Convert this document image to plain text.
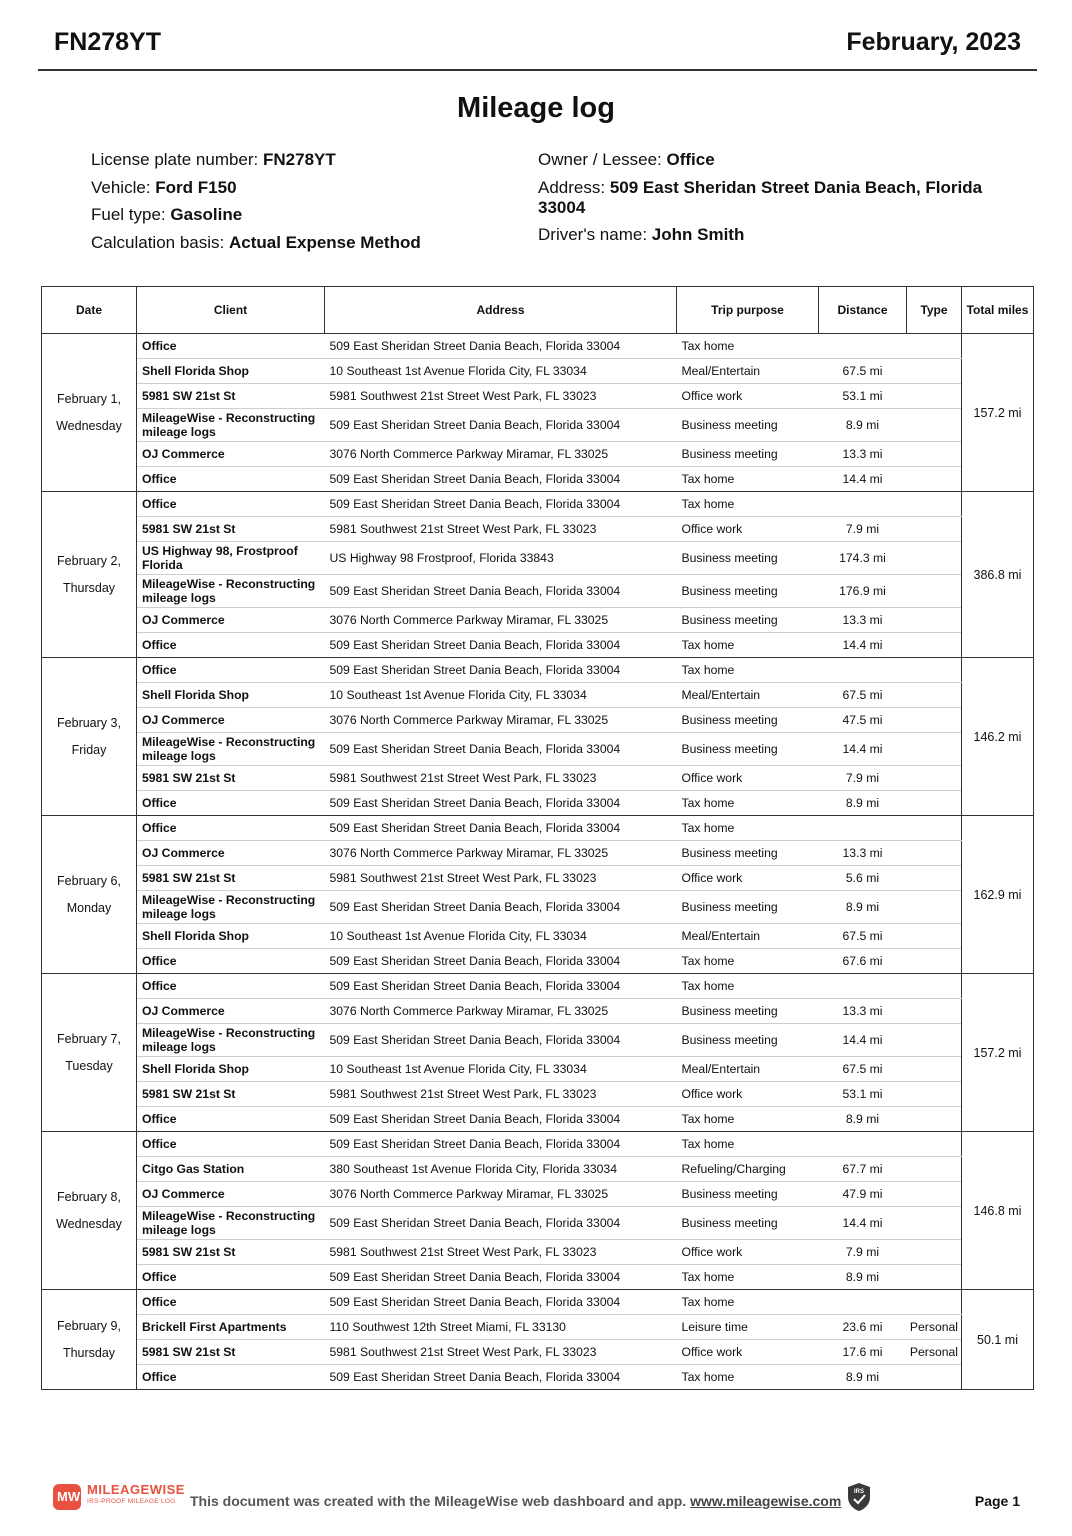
FN278YT	February, 2023
Mileage log
License plate number: FN278YT
Vehicle: Ford F150
Fuel type: Gasoline
Calculation basis: Actual Expense Method
Owner / Lessee: Office
Address: 509 East Sheridan Street Dania Beach, Florida 33004
Driver's name: John Smith
Date	Client	Address	Trip purpose	Distance	Type	Total miles

February 1,
Wednesday	Office	509 East Sheridan Street Dania Beach, Florida 33004	Tax home			157.2 mi
	Shell Florida Shop	10 Southeast 1st Avenue Florida City, FL 33034	Meal/Entertain	67.5 mi		
	5981 SW 21st St	5981 Southwest 21st Street West Park, FL 33023	Office work	53.1 mi		
	MileageWise - Reconstructing mileage logs	509 East Sheridan Street Dania Beach, Florida 33004	Business meeting	8.9 mi		
	OJ Commerce	3076 North Commerce Parkway Miramar, FL 33025	Business meeting	13.3 mi		
	Office	509 East Sheridan Street Dania Beach, Florida 33004	Tax home	14.4 mi		

February 2,
Thursday	Office	509 East Sheridan Street Dania Beach, Florida 33004	Tax home			386.8 mi
	5981 SW 21st St	5981 Southwest 21st Street West Park, FL 33023	Office work	7.9 mi		
	US Highway 98, Frostproof Florida	US Highway 98 Frostproof, Florida 33843	Business meeting	174.3 mi		
	MileageWise - Reconstructing mileage logs	509 East Sheridan Street Dania Beach, Florida 33004	Business meeting	176.9 mi		
	OJ Commerce	3076 North Commerce Parkway Miramar, FL 33025	Business meeting	13.3 mi		
	Office	509 East Sheridan Street Dania Beach, Florida 33004	Tax home	14.4 mi		

February 3,
Friday	Office	509 East Sheridan Street Dania Beach, Florida 33004	Tax home			146.2 mi
	Shell Florida Shop	10 Southeast 1st Avenue Florida City, FL 33034	Meal/Entertain	67.5 mi		
	OJ Commerce	3076 North Commerce Parkway Miramar, FL 33025	Business meeting	47.5 mi		
	MileageWise - Reconstructing mileage logs	509 East Sheridan Street Dania Beach, Florida 33004	Business meeting	14.4 mi		
	5981 SW 21st St	5981 Southwest 21st Street West Park, FL 33023	Office work	7.9 mi		
	Office	509 East Sheridan Street Dania Beach, Florida 33004	Tax home	8.9 mi		

February 6,
Monday	Office	509 East Sheridan Street Dania Beach, Florida 33004	Tax home			162.9 mi
	OJ Commerce	3076 North Commerce Parkway Miramar, FL 33025	Business meeting	13.3 mi		
	5981 SW 21st St	5981 Southwest 21st Street West Park, FL 33023	Office work	5.6 mi		
	MileageWise - Reconstructing mileage logs	509 East Sheridan Street Dania Beach, Florida 33004	Business meeting	8.9 mi		
	Shell Florida Shop	10 Southeast 1st Avenue Florida City, FL 33034	Meal/Entertain	67.5 mi		
	Office	509 East Sheridan Street Dania Beach, Florida 33004	Tax home	67.6 mi		

February 7,
Tuesday	Office	509 East Sheridan Street Dania Beach, Florida 33004	Tax home			157.2 mi
	OJ Commerce	3076 North Commerce Parkway Miramar, FL 33025	Business meeting	13.3 mi		
	MileageWise - Reconstructing mileage logs	509 East Sheridan Street Dania Beach, Florida 33004	Business meeting	14.4 mi		
	Shell Florida Shop	10 Southeast 1st Avenue Florida City, FL 33034	Meal/Entertain	67.5 mi		
	5981 SW 21st St	5981 Southwest 21st Street West Park, FL 33023	Office work	53.1 mi		
	Office	509 East Sheridan Street Dania Beach, Florida 33004	Tax home	8.9 mi		

February 8,
Wednesday	Office	509 East Sheridan Street Dania Beach, Florida 33004	Tax home			146.8 mi
	Citgo Gas Station	380 Southeast 1st Avenue Florida City, Florida 33034	Refueling/Charging	67.7 mi		
	OJ Commerce	3076 North Commerce Parkway Miramar, FL 33025	Business meeting	47.9 mi		
	MileageWise - Reconstructing mileage logs	509 East Sheridan Street Dania Beach, Florida 33004	Business meeting	14.4 mi		
	5981 SW 21st St	5981 Southwest 21st Street West Park, FL 33023	Office work	7.9 mi		
	Office	509 East Sheridan Street Dania Beach, Florida 33004	Tax home	8.9 mi		

February 9,
Thursday	Office	509 East Sheridan Street Dania Beach, Florida 33004	Tax home			50.1 mi
	Brickell First Apartments	110 Southwest 12th Street Miami, FL 33130	Leisure time	23.6 mi	Personal	
	5981 SW 21st St	5981 Southwest 21st Street West Park, FL 33023	Office work	17.6 mi	Personal	
	Office	509 East Sheridan Street Dania Beach, Florida 33004	Tax home	8.9 mi		
MW MILEAGEWISE
IRS-PROOF MILEAGE LOG This document was created with the MileageWise web dashboard and app. www.mileagewise.com
IRS
Page 1
